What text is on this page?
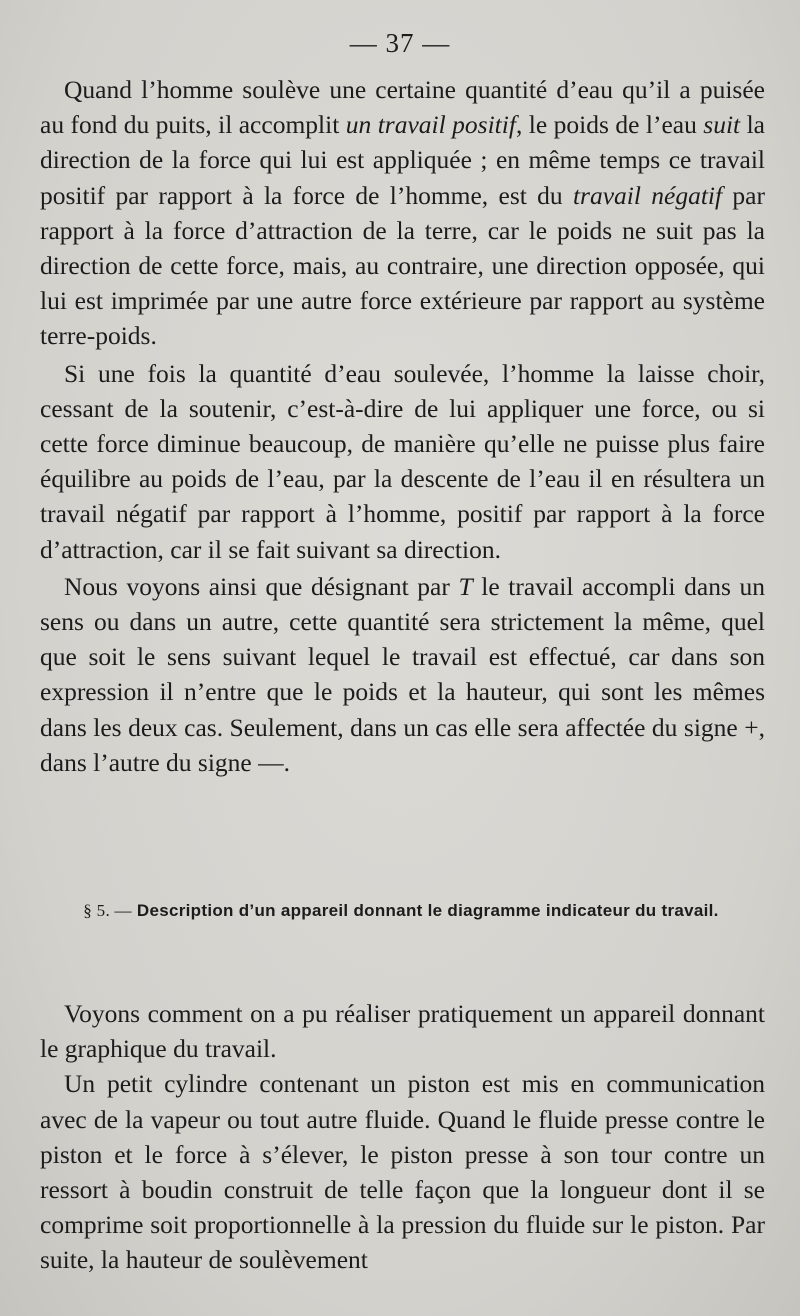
— 37 —

Quand l’homme soulève une certaine quantité d’eau qu’il a puisée au fond du puits, il accomplit un travail positif, le poids de l’eau suit la direction de la force qui lui est appliquée ; en même temps ce travail positif par rapport à la force de l’homme, est du travail négatif par rapport à la force d’attraction de la terre, car le poids ne suit pas la direction de cette force, mais, au contraire, une direction opposée, qui lui est imprimée par une autre force extérieure par rapport au système terre-poids.

Si une fois la quantité d’eau soulevée, l’homme la laisse choir, cessant de la soutenir, c’est-à-dire de lui appliquer une force, ou si cette force diminue beaucoup, de manière qu’elle ne puisse plus faire équilibre au poids de l’eau, par la descente de l’eau il en résultera un travail négatif par rapport à l’homme, positif par rapport à la force d’attraction, car il se fait suivant sa direction.

Nous voyons ainsi que désignant par T le travail accompli dans un sens ou dans un autre, cette quantité sera strictement la même, quel que soit le sens suivant lequel le travail est effectué, car dans son expression il n’entre que le poids et la hauteur, qui sont les mêmes dans les deux cas. Seulement, dans un cas elle sera affectée du signe +, dans l’autre du signe —.

§ 5. — Description d’un appareil donnant le diagramme indicateur du travail.

Voyons comment on a pu réaliser pratiquement un appareil donnant le graphique du travail.

Un petit cylindre contenant un piston est mis en communication avec de la vapeur ou tout autre fluide. Quand le fluide presse contre le piston et le force à s’élever, le piston presse à son tour contre un ressort à boudin construit de telle façon que la longueur dont il se comprime soit proportionnelle à la pression du fluide sur le piston. Par suite, la hauteur de soulèvement
